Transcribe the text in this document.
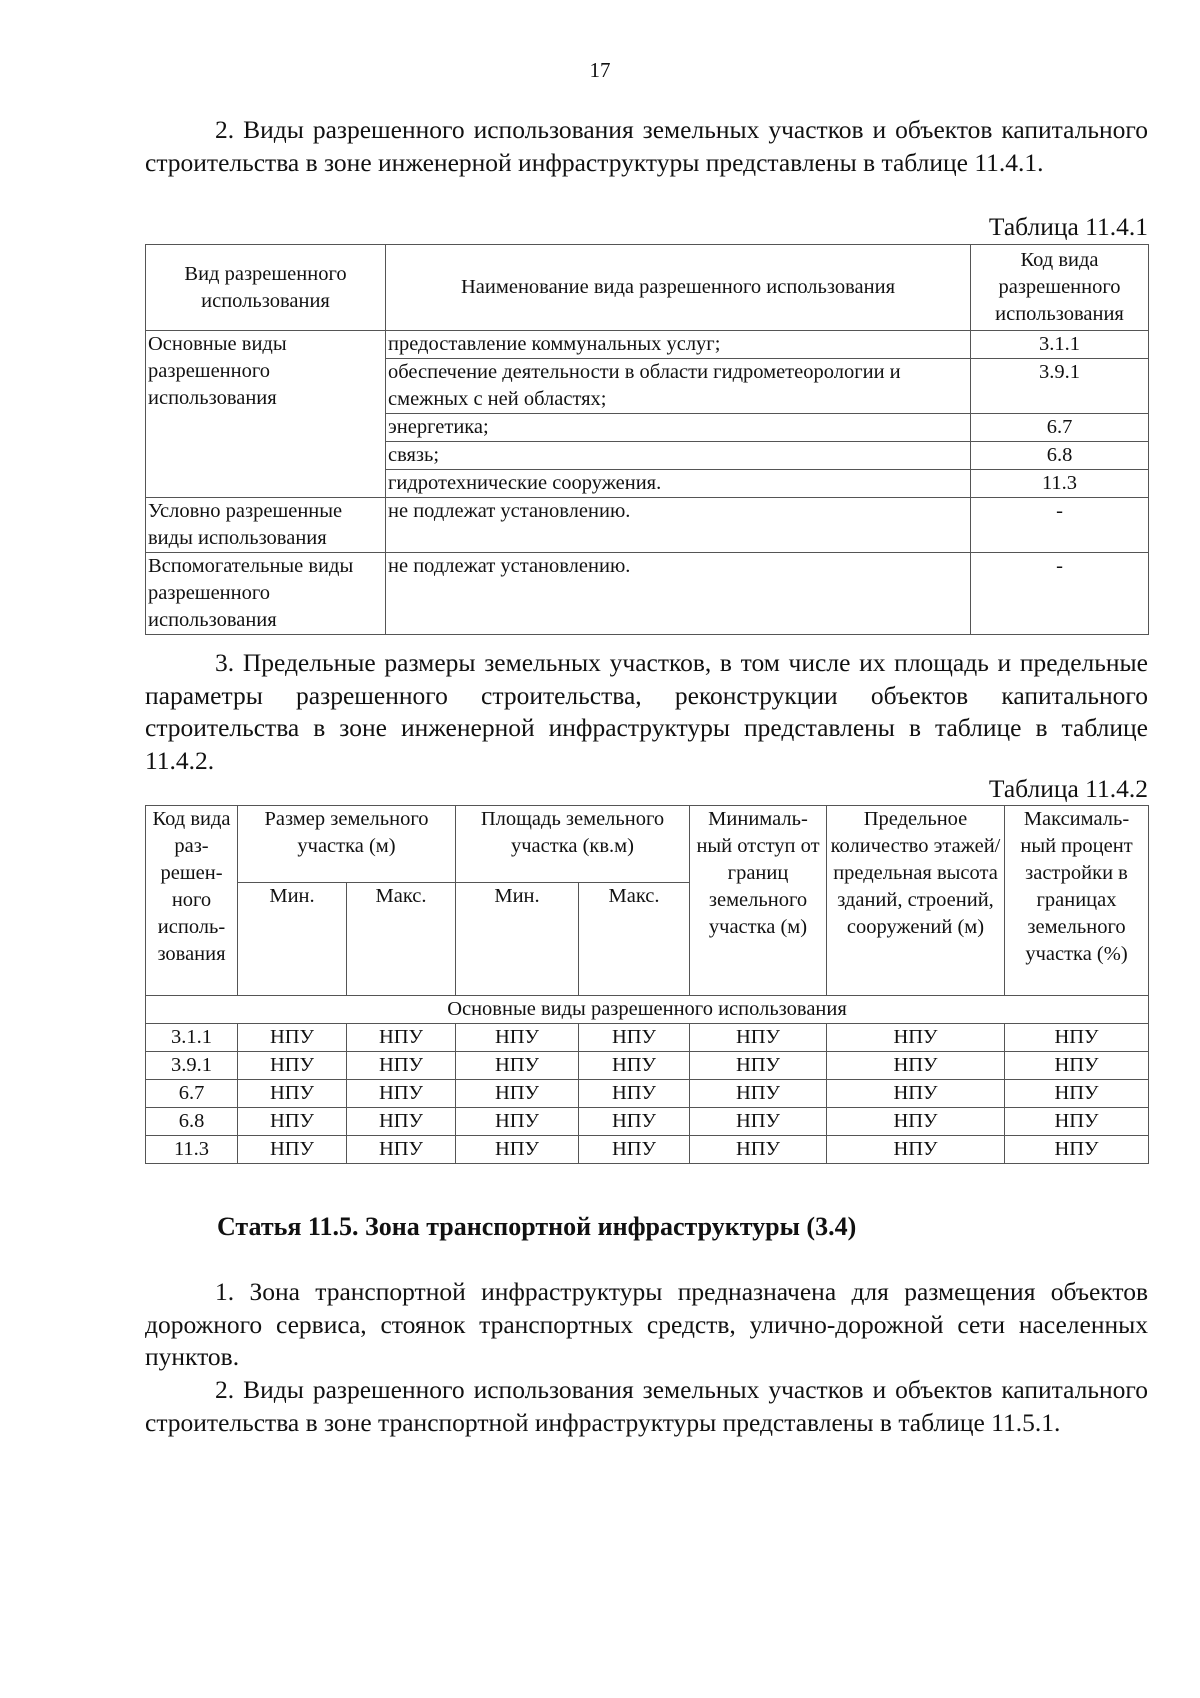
17

2. Виды разрешенного использования земельных участков и объектов капитального строительства в зоне инженерной инфраструктуры представлены в таблице 11.4.1.

Таблица 11.4.1
Вид разрешенного использования	Наименование вида разрешенного использования	Код вида разрешенного использования
Основные виды разрешенного использования	предоставление коммунальных услуг;	3.1.1
	обеспечение деятельности в области гидрометеорологии и смежных с ней областях;	3.9.1
	энергетика;	6.7
	связь;	6.8
	гидротехнические сооружения.	11.3
Условно разрешенные виды использования	не подлежат установлению.	-
Вспомогательные виды разрешенного использования	не подлежат установлению.	-

3. Предельные размеры земельных участков, в том числе их площадь и предельные параметры разрешенного строительства, реконструкции объектов капитального строительства в зоне инженерной инфраструктуры представлены в таблице в таблице 11.4.2.

Таблица 11.4.2
Код вида раз-решен-ного исполь-зования	Размер земельного участка (м)		Площадь земельного участка (кв.м)		Минималь-ный отступ от границ земельного участка (м)	Предельное количество этажей/ предельная высота зданий, строений, сооружений (м)	Максималь-ный процент застройки в границах земельного участка (%)
	Мин.	Макс.	Мин.	Макс.			
Основные виды разрешенного использования							
3.1.1	НПУ	НПУ	НПУ	НПУ	НПУ	НПУ	НПУ
3.9.1	НПУ	НПУ	НПУ	НПУ	НПУ	НПУ	НПУ
6.7	НПУ	НПУ	НПУ	НПУ	НПУ	НПУ	НПУ
6.8	НПУ	НПУ	НПУ	НПУ	НПУ	НПУ	НПУ
11.3	НПУ	НПУ	НПУ	НПУ	НПУ	НПУ	НПУ
Статья 11.5. Зона транспортной инфраструктуры (3.4)

1. Зона транспортной инфраструктуры предназначена для размещения объектов дорожного сервиса, стоянок транспортных средств, улично-дорожной сети населенных пунктов.

2. Виды разрешенного использования земельных участков и объектов капитального строительства в зоне транспортной инфраструктуры представлены в таблице 11.5.1.
